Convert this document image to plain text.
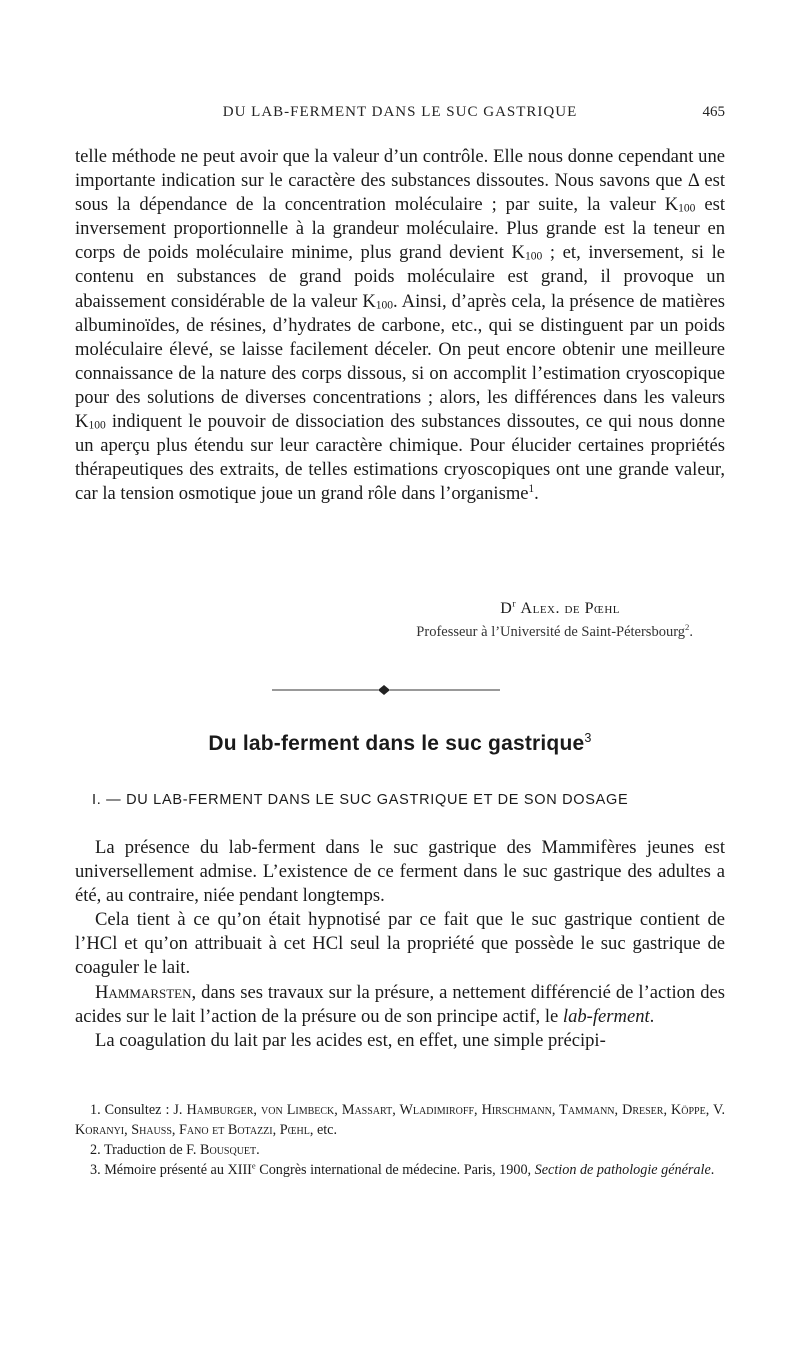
DU LAB-FERMENT DANS LE SUC GASTRIQUE	465

telle méthode ne peut avoir que la valeur d’un contrôle. Elle nous donne cependant une importante indication sur le caractère des substances dissoutes. Nous savons que Δ est sous la dépendance de la concentration moléculaire ; par suite, la valeur $K_{100}$ est inversement proportionnelle à la grandeur moléculaire. Plus grande est la teneur en corps de poids moléculaire minime, plus grand devient $K_{100}$ ; et, inversement, si le contenu en substances de grand poids moléculaire est grand, il provoque un abaissement considérable de la valeur $K_{100}$. Ainsi, d’après cela, la présence de matières albuminoïdes, de résines, d’hydrates de carbone, etc., qui se distinguent par un poids moléculaire élevé, se laisse facilement déceler. On peut encore obtenir une meilleure connaissance de la nature des corps dissous, si on accomplit l’estimation cryoscopique pour des solutions de diverses concentrations ; alors, les différences dans les valeurs $K_{100}$ indiquent le pouvoir de dissociation des substances dissoutes, ce qui nous donne un aperçu plus étendu sur leur caractère chimique. Pour élucider certaines propriétés thérapeutiques des extraits, de telles estimations cryoscopiques ont une grande valeur, car la tension osmotique joue un grand rôle dans l’organisme$^1$.

$D^r$ Alex. de Pœhl
Professeur à l’Université de Saint-Pétersbourg$^2$.
Du lab-ferment dans le suc gastrique$^3$
I. — DU LAB-FERMENT DANS LE SUC GASTRIQUE ET DE SON DOSAGE

La présence du lab-ferment dans le suc gastrique des Mammifères jeunes est universellement admise. L’existence de ce ferment dans le suc gastrique des adultes a été, au contraire, niée pendant longtemps.

Cela tient à ce qu’on était hypnotisé par ce fait que le suc gastrique contient de l’HCl et qu’on attribuait à cet HCl seul la propriété que possède le suc gastrique de coaguler le lait.

Hammarsten, dans ses travaux sur la présure, a nettement différencié de l’action des acides sur le lait l’action de la présure ou de son principe actif, le lab-ferment.

La coagulation du lait par les acides est, en effet, une simple précipi-

1. Consultez : J. Hamburger, von Limbeck, Massart, Wladimiroff, Hirschmann, Tammann, Dreser, Köppe, V. Koranyi, Shauss, Fano et Botazzi, Pœhl, etc.

2. Traduction de F. Bousquet.

3. Mémoire présenté au XIIIe Congrès international de médecine. Paris, 1900, Section de pathologie générale.
